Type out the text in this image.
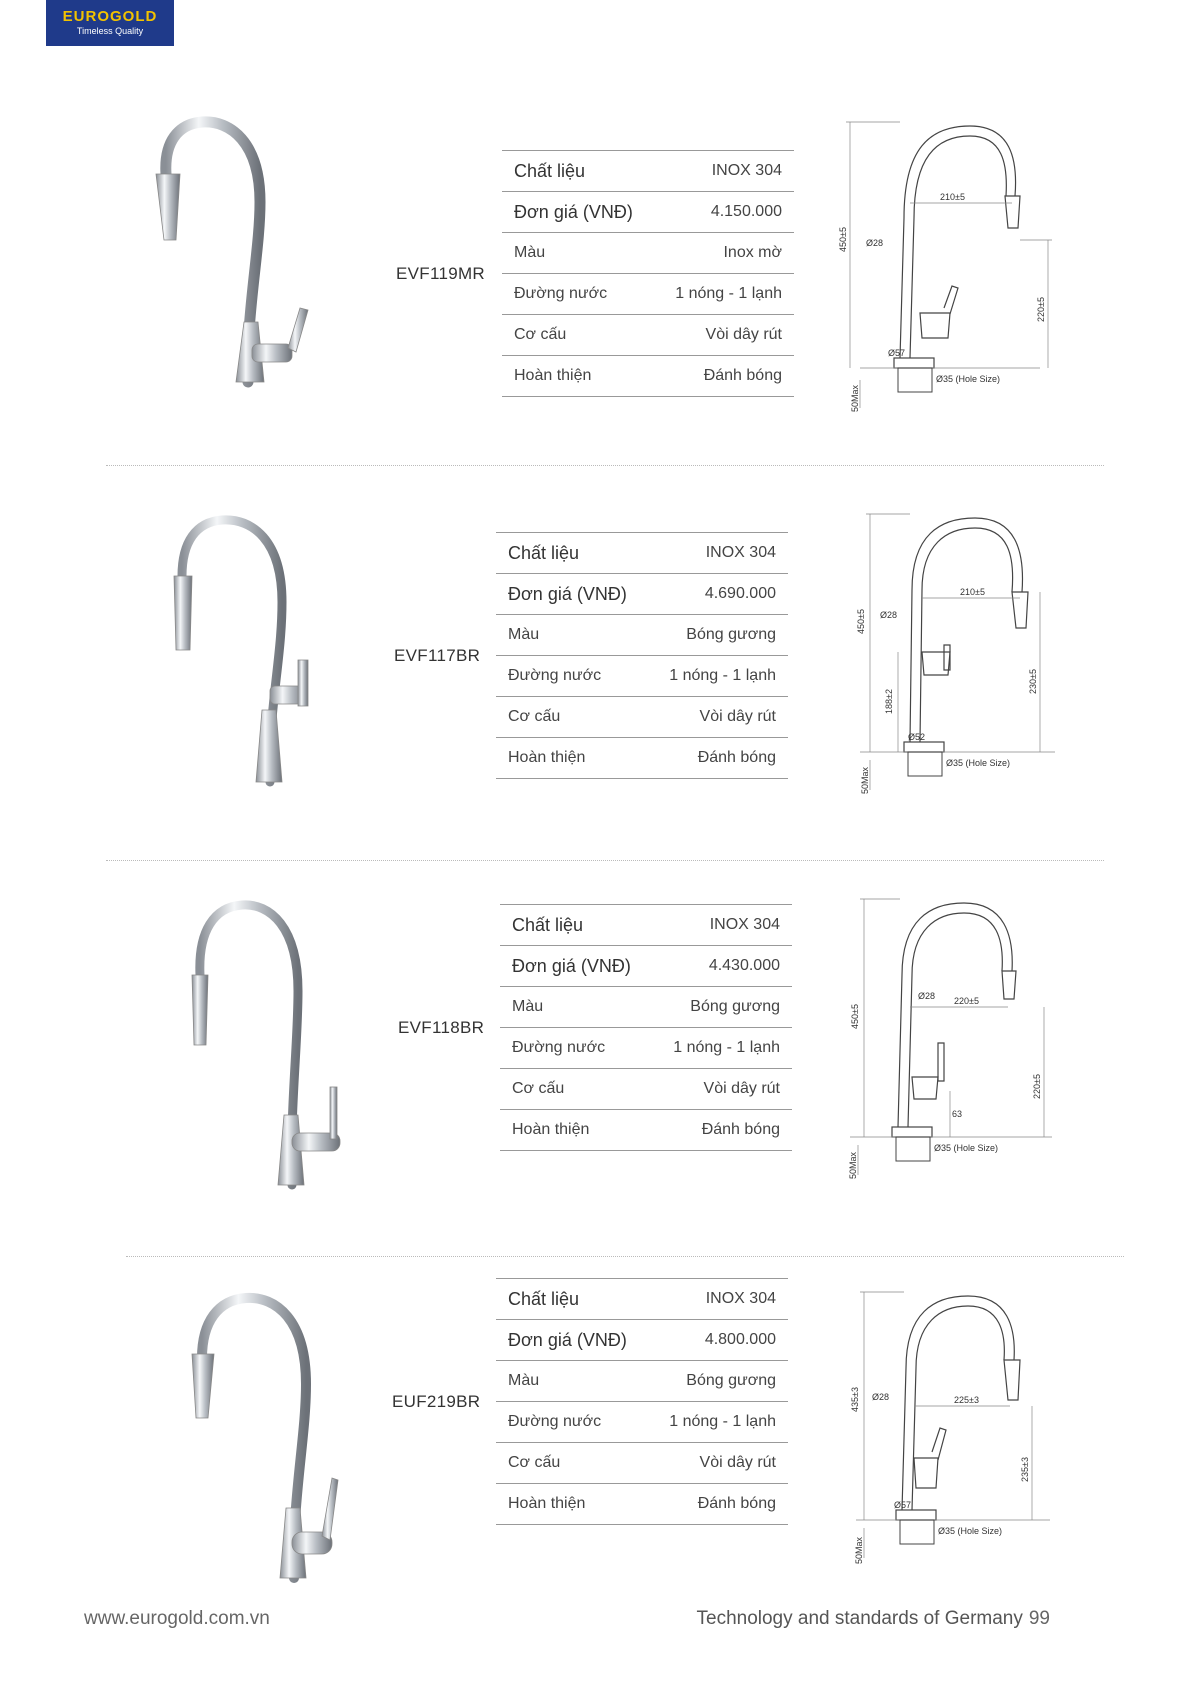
EUROGOLD
Timeless Quality
EVF119MR
Chất liệu	INOX 304
Đơn giá (VNĐ)	4.150.000
Màu	Inox mờ
Đường nước	1 nóng - 1 lạnh
Cơ cấu	Vòi dây rút
Hoàn thiện	Đánh bóng
450±5
210±5
220±5
Ø28
Ø57
Ø35 (Hole Size)
50Max
EVF117BR
Chất liệu	INOX 304
Đơn giá (VNĐ)	4.690.000
Màu	Bóng gương
Đường nước	1 nóng - 1 lạnh
Cơ cấu	Vòi dây rút
Hoàn thiện	Đánh bóng
450±5
210±5
230±5
Ø28
188±2
Ø52
Ø35 (Hole Size)
50Max
EVF118BR
Chất liệu	INOX 304
Đơn giá (VNĐ)	4.430.000
Màu	Bóng gương
Đường nước	1 nóng - 1 lạnh
Cơ cấu	Vòi dây rút
Hoàn thiện	Đánh bóng
450±5
220±5
220±5
Ø28
63
Ø35 (Hole Size)
50Max
EUF219BR
Chất liệu	INOX 304
Đơn giá (VNĐ)	4.800.000
Màu	Bóng gương
Đường nước	1 nóng - 1 lạnh
Cơ cấu	Vòi dây rút
Hoàn thiện	Đánh bóng
435±3	225±3
235±3
Ø28
Ø57
Ø35 (Hole Size)
50Max
www.eurogold.com.vn	Technology and standards of Germany 99
